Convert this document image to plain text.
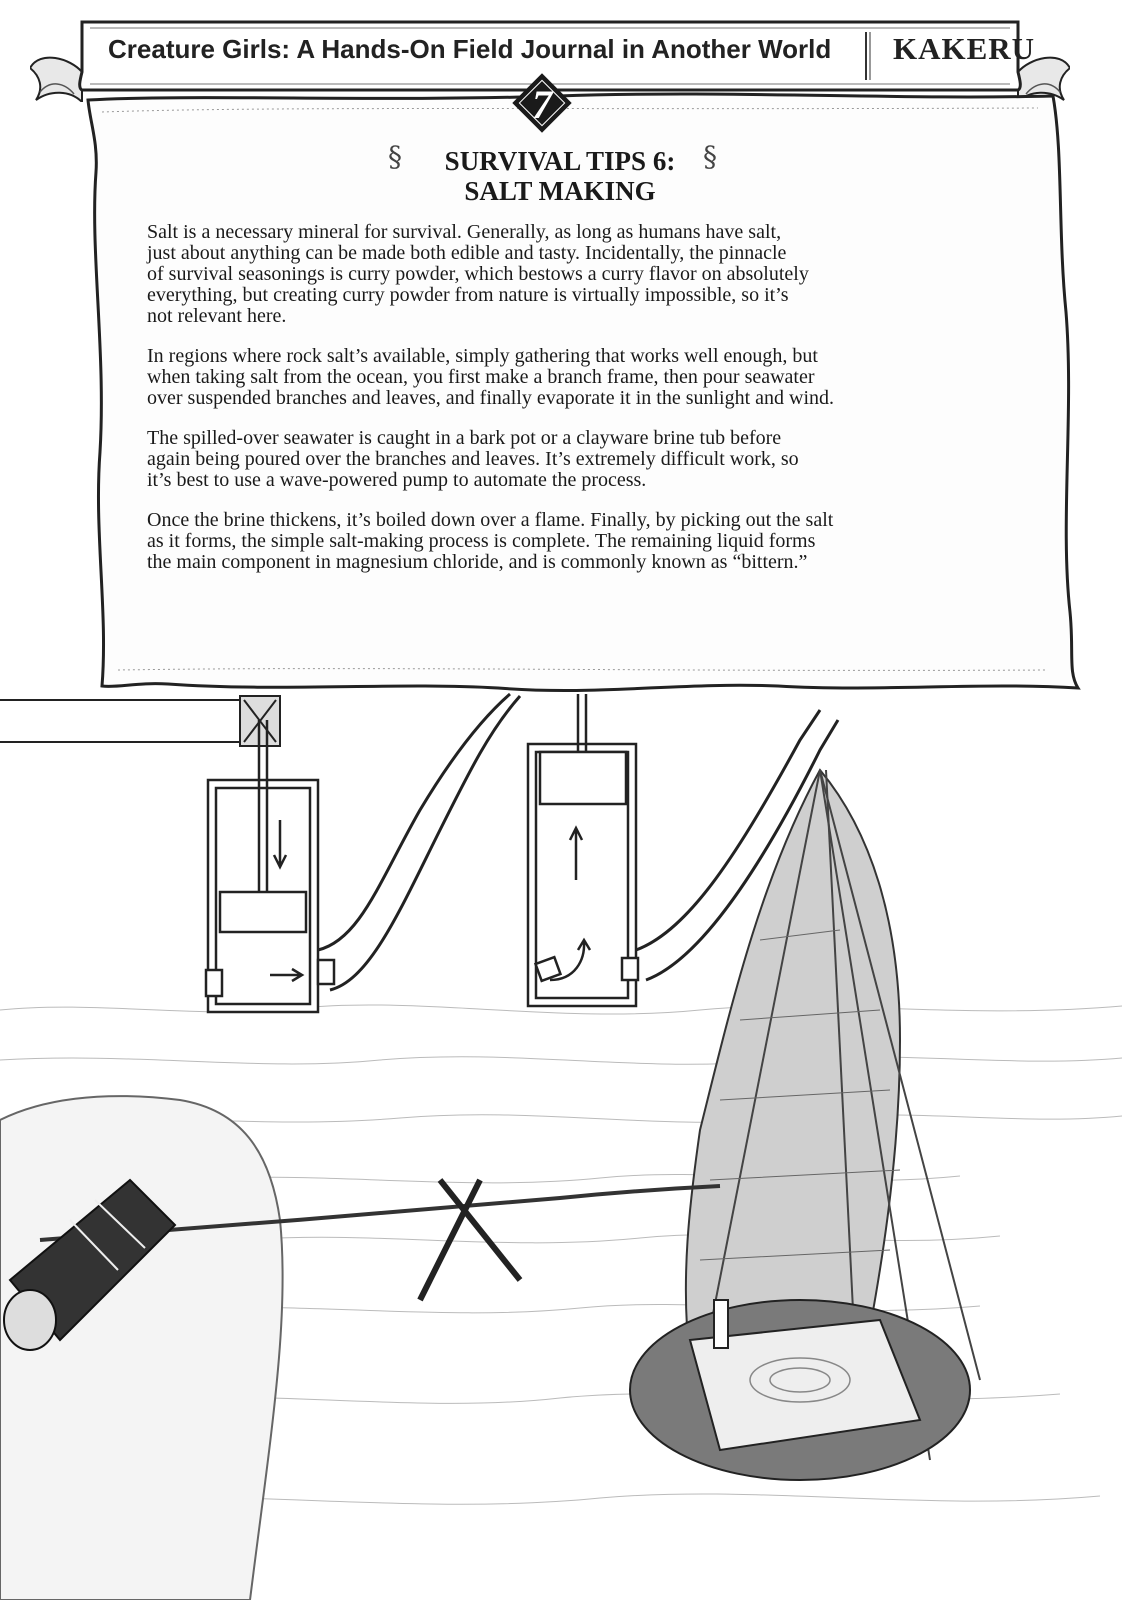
Creature Girls: A Hands-On Field Journal in Another World	KAKERU
7
§	§
SURVIVAL TIPS 6:
SALT MAKING

Salt is a necessary mineral for survival. Generally, as long as humans have salt,
just about anything can be made both edible and tasty. Incidentally, the pinnacle
of survival seasonings is curry powder, which bestows a curry flavor on absolutely
everything, but creating curry powder from nature is virtually impossible, so it’s
not relevant here.

In regions where rock salt’s available, simply gathering that works well enough, but
when taking salt from the ocean, you first make a branch frame, then pour seawater
over suspended branches and leaves, and finally evaporate it in the sunlight and wind.

The spilled-over seawater is caught in a bark pot or a clayware brine tub before
again being poured over the branches and leaves. It’s extremely difficult work, so
it’s best to use a wave-powered pump to automate the process.

Once the brine thickens, it’s boiled down over a flame. Finally, by picking out the salt
as it forms, the simple salt-making process is complete. The remaining liquid forms
the main component in magnesium chloride, and is commonly known as “bittern.”
